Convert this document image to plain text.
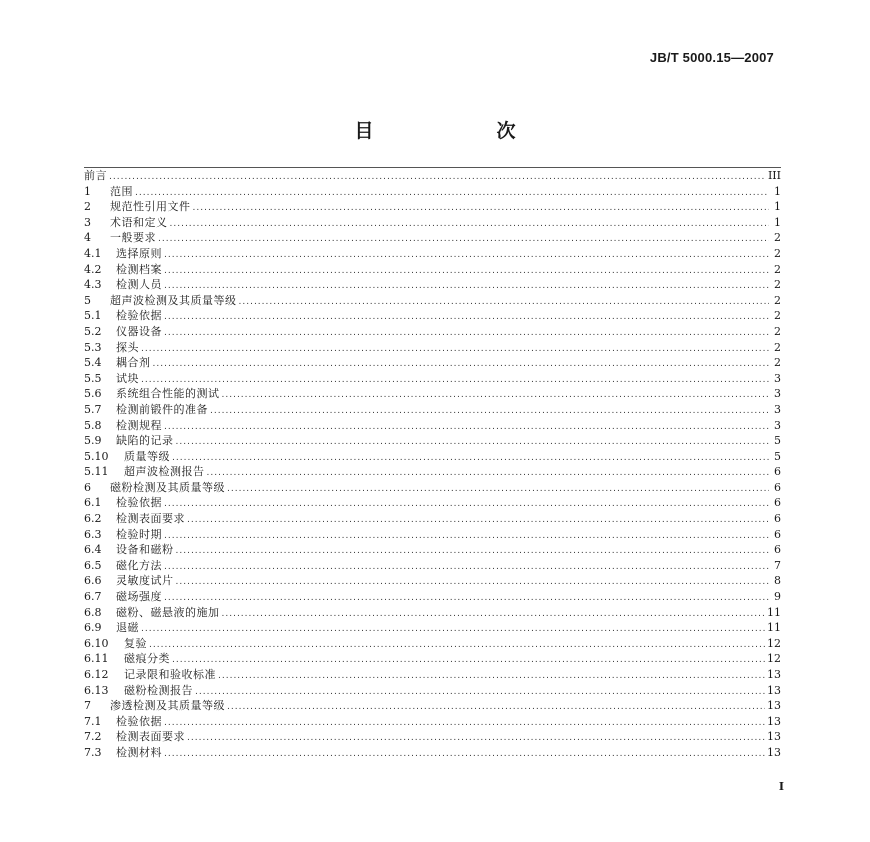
JB/T 5000.15—2007
目　次
前言 .....	III
1	范围 .....	1
2	规范性引用文件 .....	1
3	术语和定义 .....	1
4	一般要求 .....	2
4.1	选择原则 .....	2
4.2	检测档案 .....	2
4.3	检测人员 .....	2
5	超声波检测及其质量等级 .....	2
5.1	检验依据 .....	2
5.2	仪器设备 .....	2
5.3	探头 .....	2
5.4	耦合剂 .....	2
5.5	试块 .....	3
5.6	系统组合性能的测试 .....	3
5.7	检测前锻件的准备 .....	3
5.8	检测规程 .....	3
5.9	缺陷的记录 .....	5
5.10	质量等级 .....	5
5.11	超声波检测报告 .....	6
6	磁粉检测及其质量等级 .....	6
6.1	检验依据 .....	6
6.2	检测表面要求 .....	6
6.3	检验时期 .....	6
6.4	设备和磁粉 .....	6
6.5	磁化方法 .....	7
6.6	灵敏度试片 .....	8
6.7	磁场强度 .....	9
6.8	磁粉、磁悬液的施加 .....	11
6.9	退磁 .....	11
6.10	复验 .....	12
6.11	磁痕分类 .....	12
6.12	记录限和验收标准 .....	13
6.13	磁粉检测报告 .....	13
7	渗透检测及其质量等级 .....	13
7.1	检验依据 .....	13
7.2	检测表面要求 .....	13
7.3	检测材料 .....	13
I
